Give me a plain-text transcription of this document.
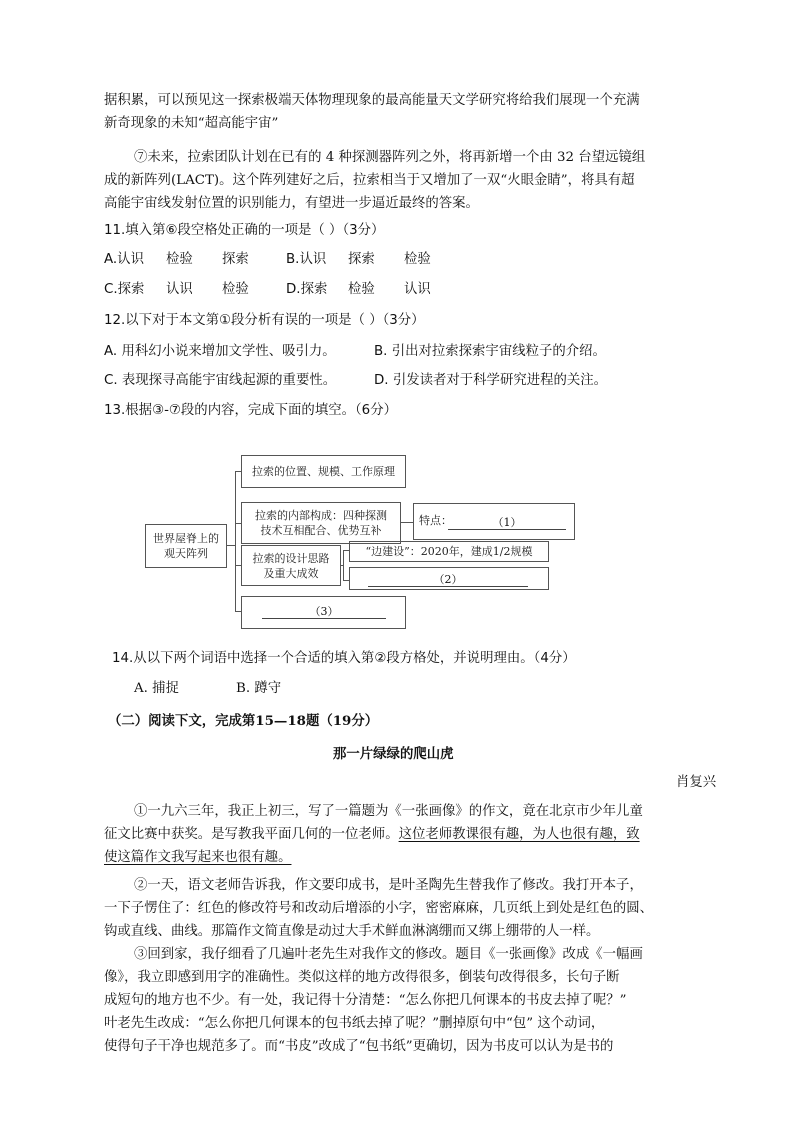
据积累，可以预见这一探索极端天体物理现象的最高能量天文学研究将给我们展现一个充满
新奇现象的未知“超高能宇宙”
⑦未来，拉索团队计划在已有的 4 种探测器阵列之外，将再新增一个由 32 台望远镜组
成的新阵列(LACT)。这个阵列建好之后，拉索相当于又增加了一双“火眼金睛”，将具有超
高能宇宙线发射位置的识别能力，有望进一步逼近最终的答案。
11.填入第⑥段空格处正确的一项是（ ）（3分）
A.认识 检验 探索	B.认识 探索 检验
C.探索 认识 检验	D.探索 检验 认识
12.以下对于本文第①段分析有误的一项是（ ）（3分）
A. 用科幻小说来增加文学性、吸引力。	B. 引出对拉索探索宇宙线粒子的介绍。
C. 表现探寻高能宇宙线起源的重要性。	D. 引发读者对于科学研究进程的关注。
13.根据③-⑦段的内容，完成下面的填空。（6分）
世界屋脊上的
观天阵列
拉索的位置、规模、工作原理
拉索的内部构成：四种探测
技术互相配合、优势互补
特点：	（1）
拉索的设计思路
及重大成效
“边建设”：2020年，建成1/2规模
（2）
（3）
14.从以下两个词语中选择一个合适的填入第②段方格处，并说明理由。（4分）
A. 捕捉	B. 蹲守
（二）阅读下文，完成第15—18题（19分）
那一片绿绿的爬山虎
肖复兴
①一九六三年，我正上初三，写了一篇题为《一张画像》的作文，竟在北京市少年儿童
征文比赛中获奖。是写教我平面几何的一位老师。这位老师教课很有趣，为人也很有趣，致
使这篇作文我写起来也很有趣。
②一天，语文老师告诉我，作文要印成书，是叶圣陶先生替我作了修改。我打开本子，
一下子愣住了：红色的修改符号和改动后增添的小字，密密麻麻，几页纸上到处是红色的圆、
钩或直线、曲线。那篇作文简直像是动过大手术鲜血淋漓绷而又绑上绷带的人一样。
③回到家，我仔细看了几遍叶老先生对我作文的修改。题目《一张画像》改成《一幅画
像》，我立即感到用字的准确性。类似这样的地方改得很多，倒装句改得很多，长句子断
成短句的地方也不少。有一处，我记得十分清楚：“怎么你把几何课本的书皮去掉了呢？”
叶老先生改成：“怎么你把几何课本的包书纸去掉了呢？”删掉原句中“包” 这个动词，
使得句子干净也规范多了。而“书皮”改成了“包书纸”更确切，因为书皮可以认为是书的
